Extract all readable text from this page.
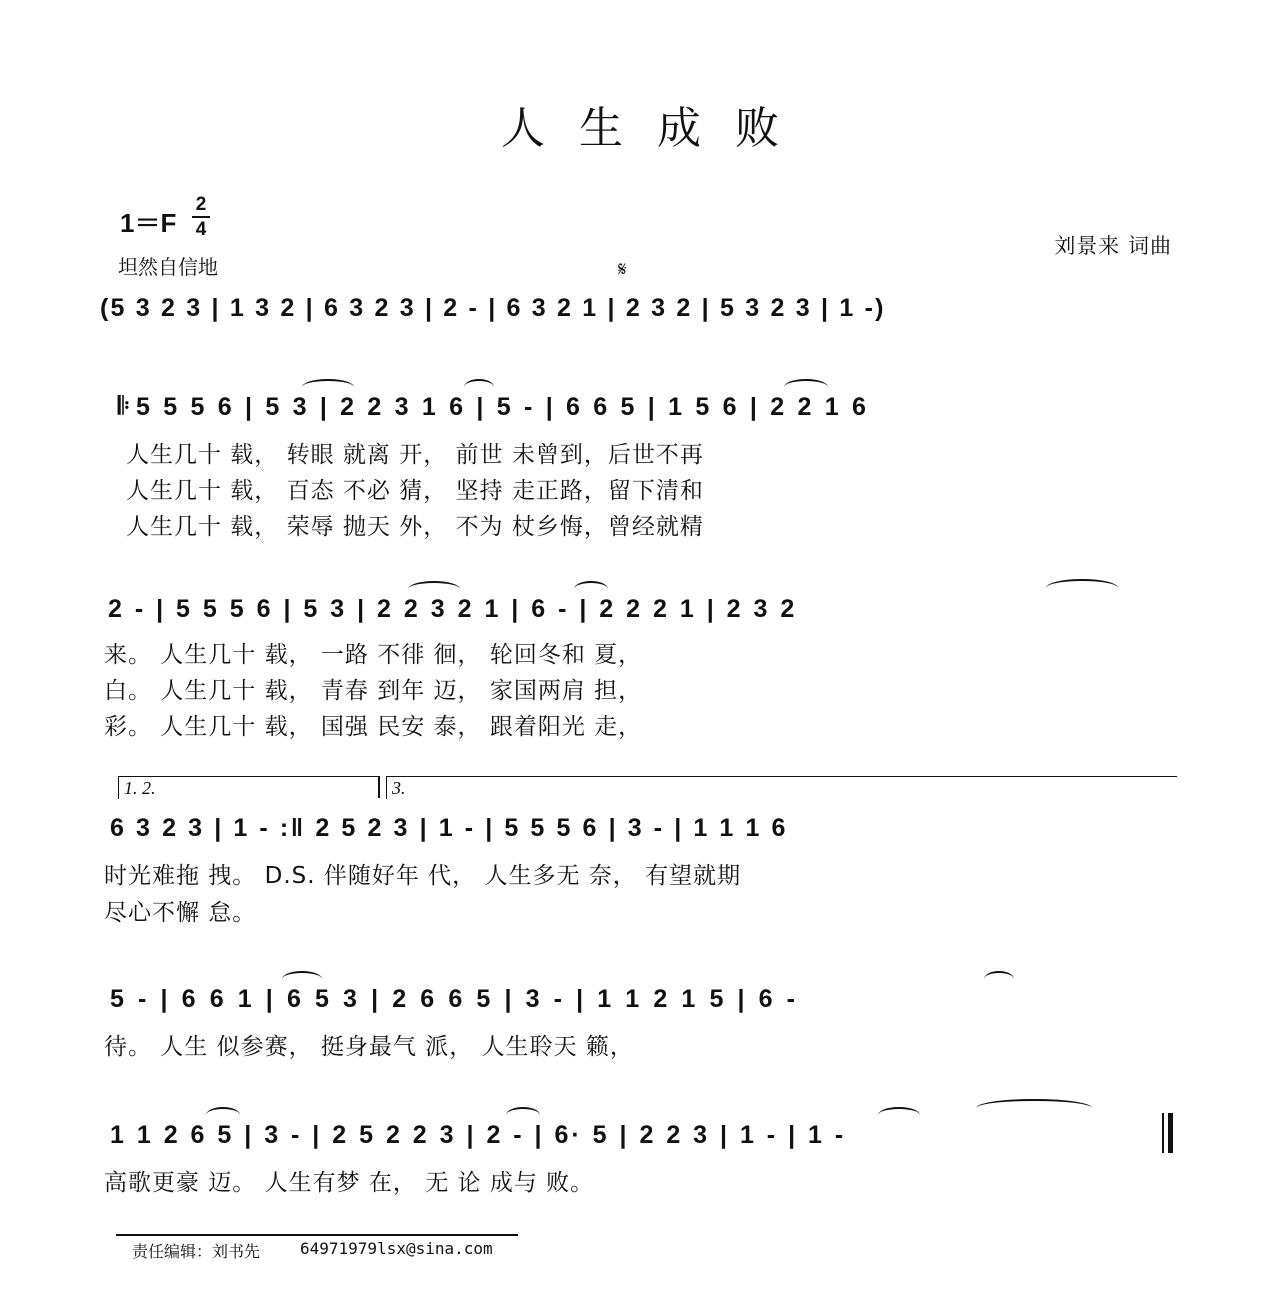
人生成败
1＝F
2
4
坦然自信地
刘景来 词曲
𝄋
(5 3 2 3 | 1 3 2 | 6 3 2 3 | 2 - | 6 3 2 1 | 2 3 2 | 5 3 2 3 | 1 -)
𝄆 5 5 5 6 | 5 3 | 2 2 3 1 6 | 5 - | 6 6 5 | 1 5 6 | 2 2 1 6
人生几十 载， 转眼 就离 开， 前世 未曾到，后世不再
人生几十 载， 百态 不必 猜， 坚持 走正路，留下清和
人生几十 载， 荣辱 抛天 外， 不为 杖乡悔，曾经就精
2 - | 5 5 5 6 | 5 3 | 2 2 3 2 1 | 6 - | 2 2 2 1 | 2 3 2
来。 人生几十 载， 一路 不徘 徊， 轮回冬和 夏，
白。 人生几十 载， 青春 到年 迈， 家国两肩 担，
彩。 人生几十 载， 国强 民安 泰， 跟着阳光 走，
1. 2.	3.
6 3 2 3 | 1 - :‖ 2 5 2 3 | 1 - | 5 5 5 6 | 3 - | 1 1 1 6
时光难拖 拽。 D.S. 伴随好年 代， 人生多无 奈， 有望就期
尽心不懈 怠。
5 - | 6 6 1 | 6 5 3 | 2 6 6 5 | 3 - | 1 1 2 1 5 | 6 -
待。 人生 似参赛， 挺身最气 派， 人生聆天 籁，
1 1 2 6 5 | 3 - | 2 5 2 2 3 | 2 - | 6· 5 | 2 2 3 | 1 - | 1 -
高歌更豪 迈。 人生有梦 在， 无 论 成与 败。
责任编辑：刘书先 64971979lsx@sina.com
